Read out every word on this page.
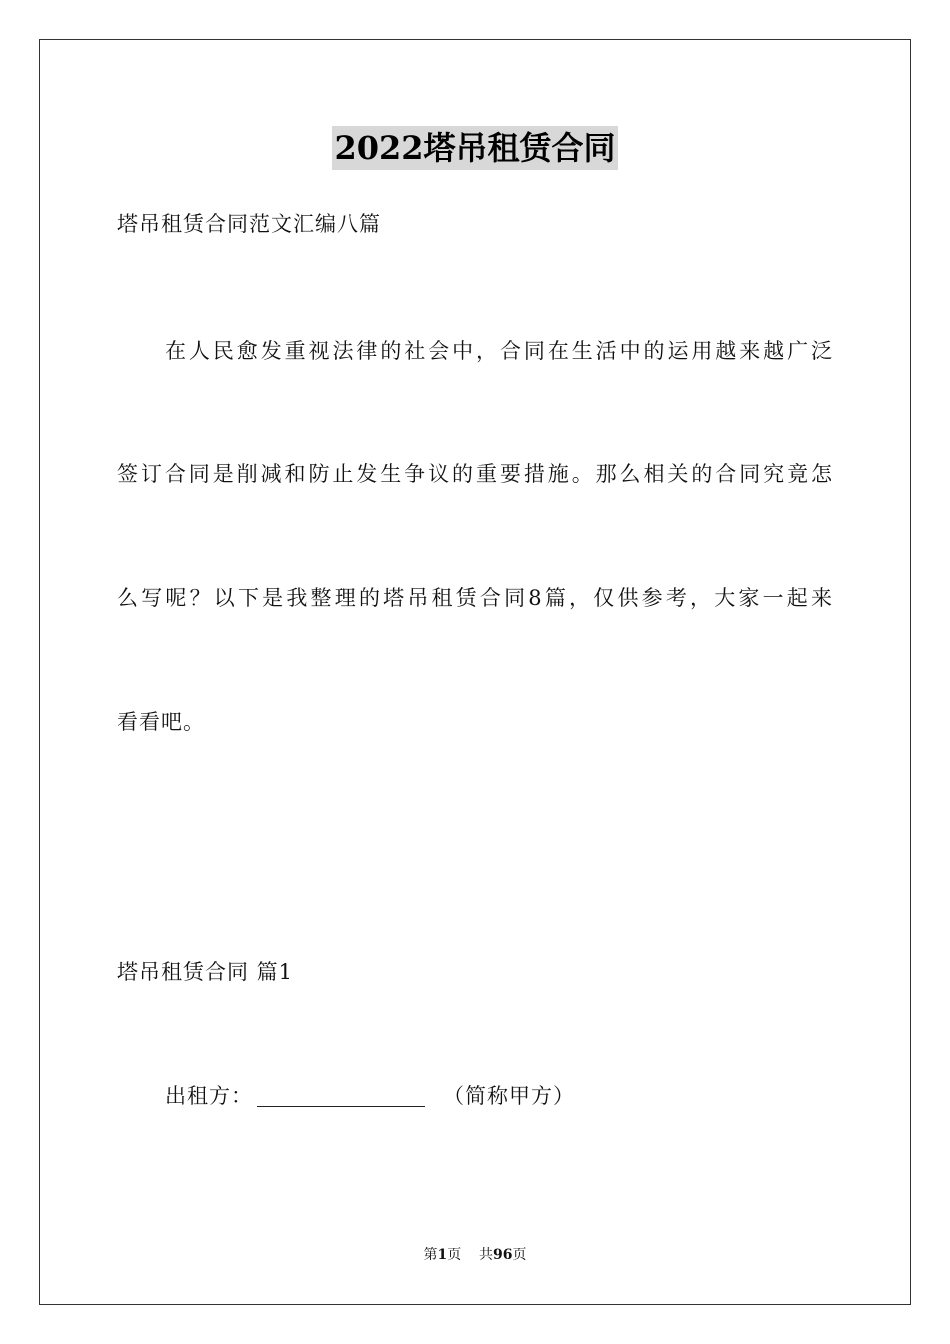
2022塔吊租赁合同
塔吊租赁合同范文汇编八篇
在人民愈发重视法律的社会中，合同在生活中的运用越来越广泛
签订合同是削减和防止发生争议的重要措施。那么相关的合同究竟怎
么写呢？以下是我整理的塔吊租赁合同8篇，仅供参考，大家一起来
看看吧。
塔吊租赁合同 篇1
出租方：	（简称甲方）
第1页    共96页
